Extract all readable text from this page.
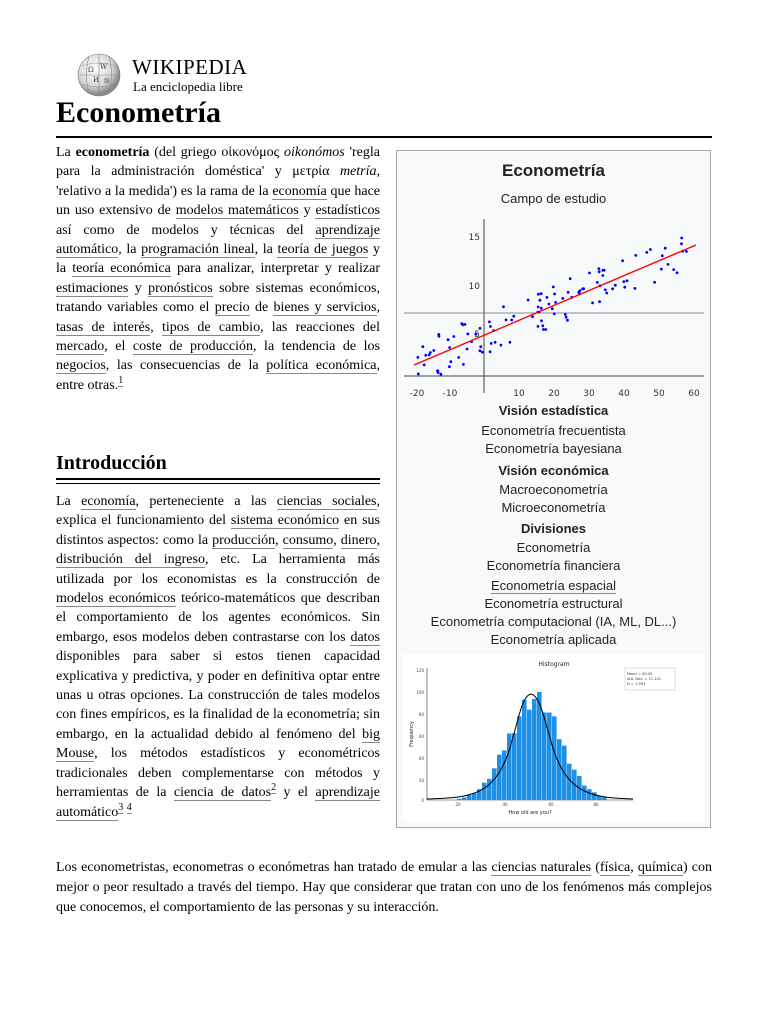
Ω W
И 維
WIKIPEDIA
La enciclopedia libre
Econometría

La econometría (del griego οἰκονόμος oikonómos 'regla para la administración doméstica' y μετρία metría, 'relativo a la medida') es la rama de la economía que hace un uso extensivo de modelos matemáticos y estadísticos así como de modelos y técnicas del aprendizaje automático, la programación lineal, la teoría de juegos y la teoría económica para analizar, interpretar y realizar estimaciones y pronósticos sobre sistemas económicos, tratando variables como el precio de bienes y servicios, tasas de interés, tipos de cambio, las reacciones del mercado, el coste de producción, la tendencia de los negocios, las consecuencias de la política económica, entre otras.$^1$

Introducción

La economía, perteneciente a las ciencias sociales, explica el funcionamiento del sistema económico en sus distintos aspectos: como la producción, consumo, dinero, distribución del ingreso, etc. La herramienta más utilizada por los economistas es la construcción de modelos económicos teórico-matemáticos que describan el comportamiento de los agentes económicos. Sin embargo, esos modelos deben contrastarse con los datos disponibles para saber si estos tienen capacidad explicativa y predictiva, y poder en definitiva optar entre unas u otras opciones. La construcción de tales modelos con fines empíricos, es la finalidad de la econometría; sin embargo, en la actualidad debido al fenómeno del big Mouse, los métodos estadísticos y econométricos tradicionales deben complementarse con métodos y herramientas de la ciencia de datos$^2$ y el aprendizaje automático$^3$ $^4$

Econometría
Campo de estudio
-20 -10	10	20	30	40	50	60
15
10
5
Visión estadística
Econometría frecuentista
Econometría bayesiana
Visión económica
Macroeconometría
Microeconometría
Divisiones
Econometría
Econometría financiera
Econometría espacial
Econometría estructural
Econometría computacional (IA, ML, DL...)
Econometría aplicada
Histogram
Mean = 49.45
Std. Dev. = 11.101
N = 1,993
120
100
80
60
40
20
0
20	40	60	80
How old are you?
Frequency
Los econometristas, econometras o económetras han tratado de emular a las ciencias naturales (física, química) con mejor o peor resultado a través del tiempo. Hay que considerar que tratan con uno de los fenómenos más complejos que conocemos, el comportamiento de las personas y su interacción.
